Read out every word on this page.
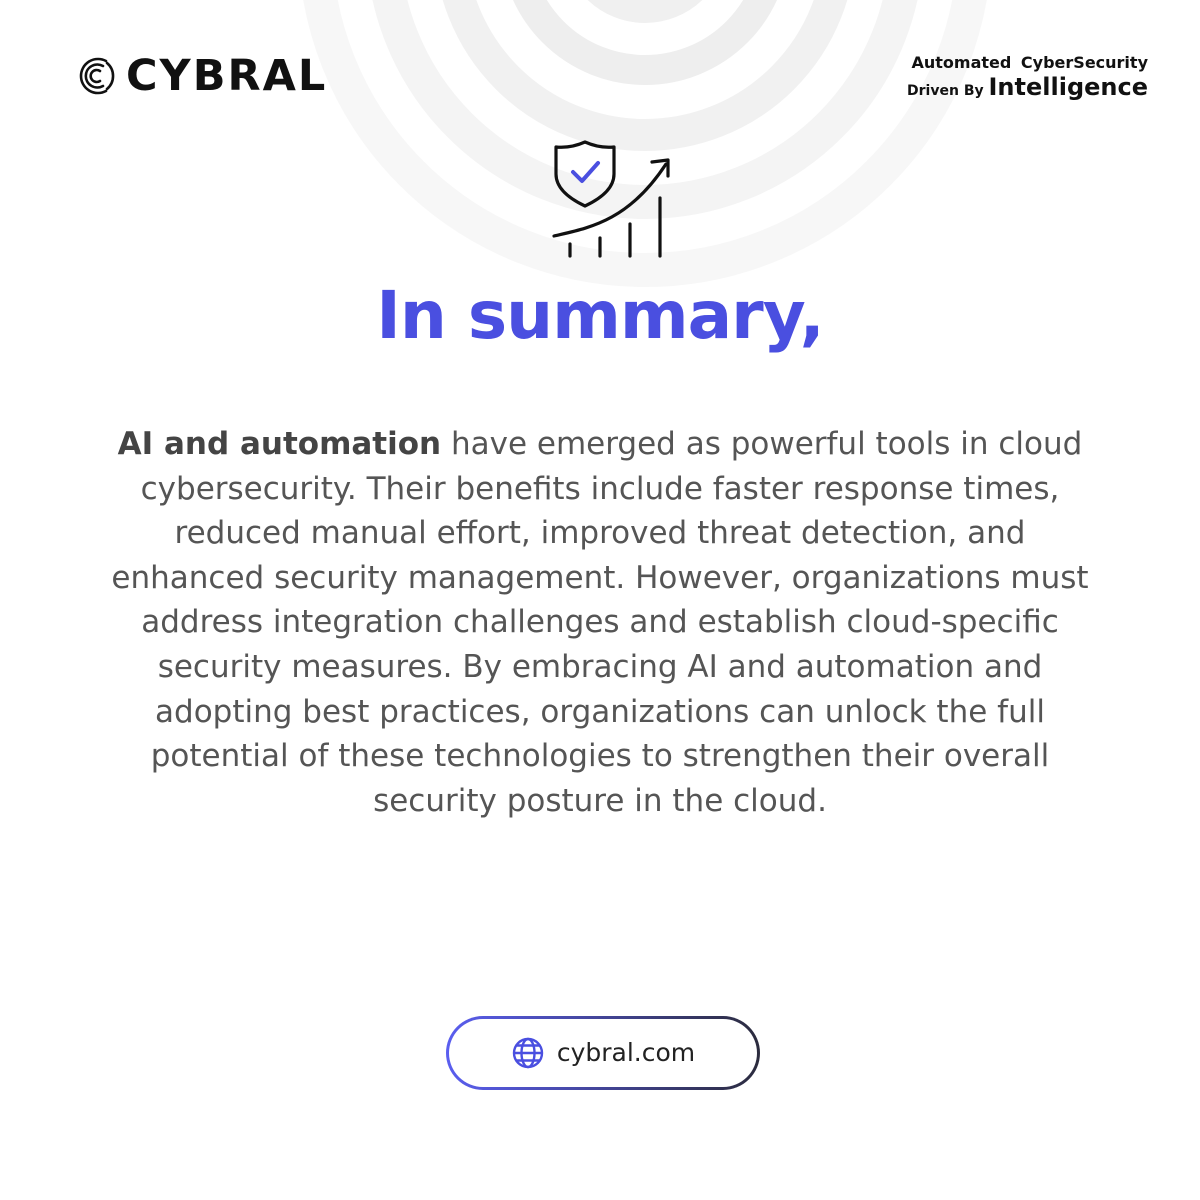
CYBRAL	Automated CyberSecurity
Driven By Intelligence
In summary,

AI and automation have emerged as powerful tools in cloud cybersecurity. Their benefits include faster response times, reduced manual effort, improved threat detection, and enhanced security management. However, organizations must address integration challenges and establish cloud-specific security measures. By embracing AI and automation and adopting best practices, organizations can unlock the full potential of these technologies to strengthen their overall security posture in the cloud.

cybral.com
